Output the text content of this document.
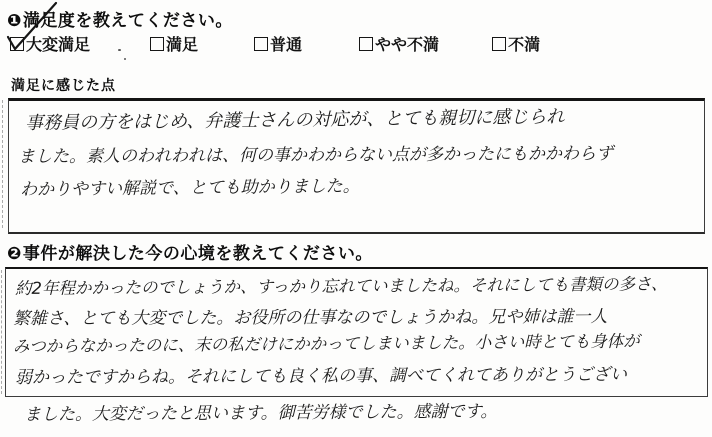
❶満足度を教えてください。
大変満足	満足	普通	やや不満	不満
満足に感じた点
事務員の方をはじめ、弁護士さんの対応が、とても親切に感じられ
ました。素人のわれわれは、何の事かわからない点が多かったにもかかわらず
わかりやすい解説で、とても助かりました。
❷事件が解決した今の心境を教えてください。
約2年程かかったのでしょうか、すっかり忘れていましたね。それにしても書類の多さ、
繁雑さ、とても大変でした。お役所の仕事なのでしょうかね。兄や姉は誰一人
みつからなかったのに、末の私だけにかかってしまいました。小さい時とても身体が
弱かったですからね。それにしても良く私の事、調べてくれてありがとうござい
ました。大変だったと思います。御苦労様でした。感謝です。
